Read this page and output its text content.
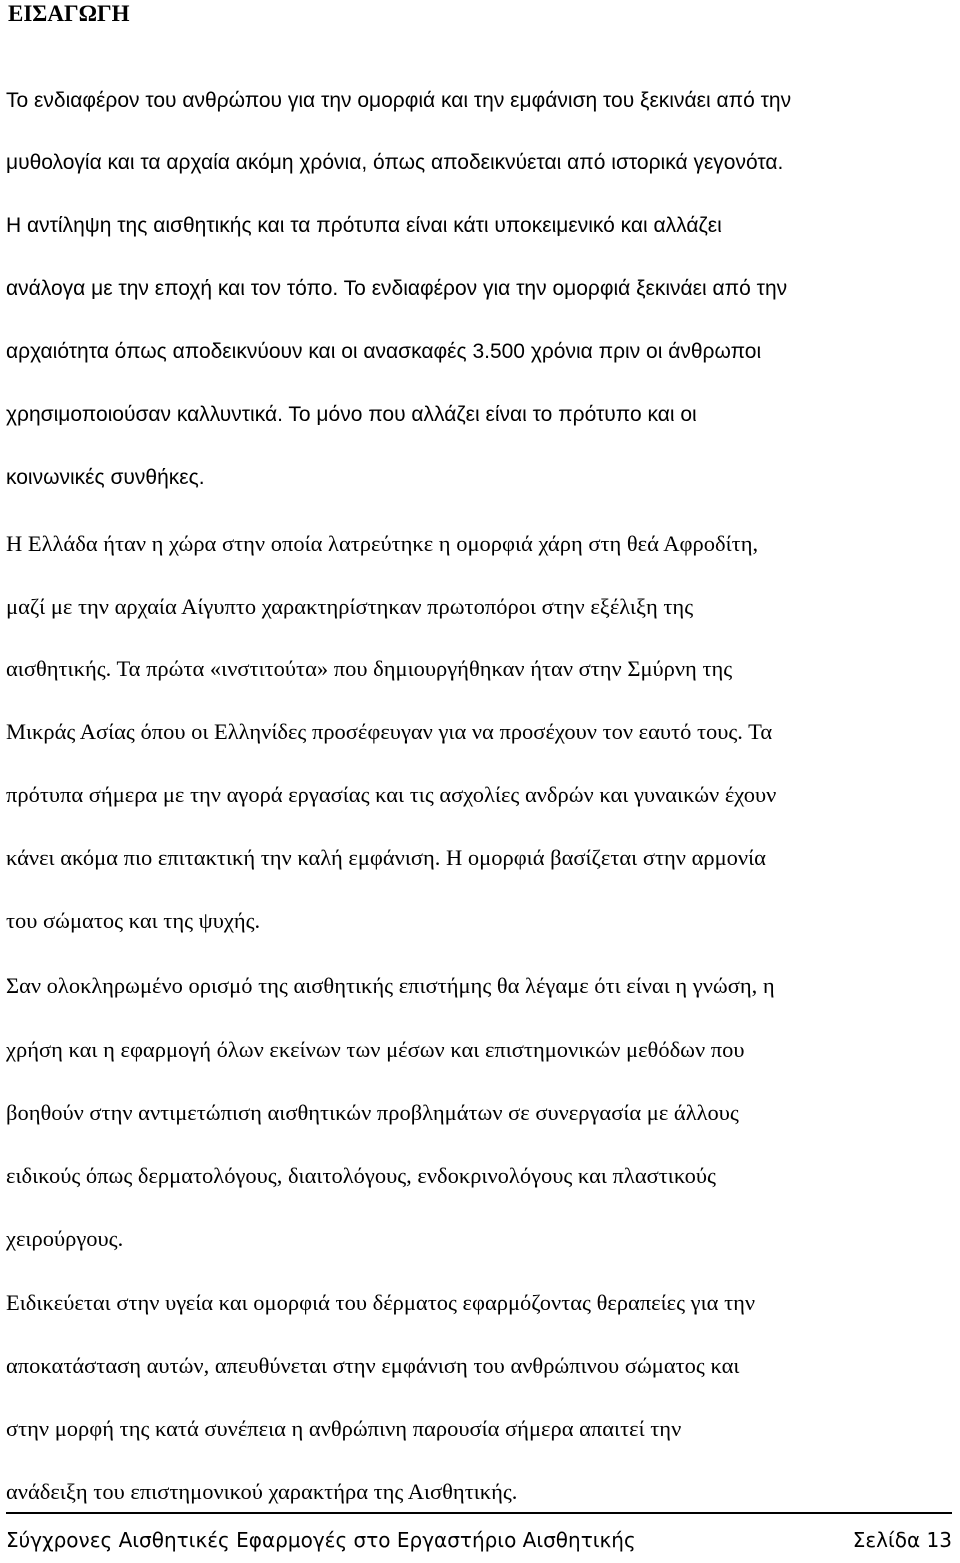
ΕΙΣΑΓΩΓΗ

Το ενδιαφέρον του ανθρώπου για την ομορφιά και την εμφάνιση του ξεκινάει από την

μυθολογία και τα αρχαία ακόμη χρόνια, όπως αποδεικνύεται από ιστορικά γεγονότα.

Η αντίληψη της αισθητικής και τα πρότυπα είναι κάτι υποκειμενικό και αλλάζει

ανάλογα με την εποχή και τον τόπο. Το ενδιαφέρον για την ομορφιά ξεκινάει από την

αρχαιότητα όπως αποδεικνύουν και οι ανασκαφές 3.500 χρόνια πριν οι άνθρωποι

χρησιμοποιούσαν καλλυντικά. Το μόνο που αλλάζει είναι το πρότυπο και οι

κοινωνικές συνθήκες.

Η Ελλάδα ήταν η χώρα στην οποία λατρεύτηκε η ομορφιά χάρη στη θεά Αφροδίτη,

μαζί με την αρχαία Αίγυπτο χαρακτηρίστηκαν πρωτοπόροι στην εξέλιξη της

αισθητικής. Τα πρώτα «ινστιτούτα» που δημιουργήθηκαν ήταν στην Σμύρνη της

Μικράς Ασίας όπου οι Ελληνίδες προσέφευγαν για να προσέχουν τον εαυτό τους. Τα

πρότυπα σήμερα με την αγορά εργασίας και τις ασχολίες ανδρών και γυναικών έχουν

κάνει ακόμα πιο επιτακτική την καλή εμφάνιση. Η ομορφιά βασίζεται στην αρμονία

του σώματος και της ψυχής.

Σαν ολοκληρωμένο ορισμό της αισθητικής επιστήμης θα λέγαμε ότι είναι η γνώση, η

χρήση και η εφαρμογή όλων εκείνων των μέσων και επιστημονικών μεθόδων που

βοηθούν στην αντιμετώπιση αισθητικών προβλημάτων σε συνεργασία με άλλους

ειδικούς όπως δερματολόγους, διαιτολόγους, ενδοκρινολόγους και πλαστικούς

χειρούργους.

Ειδικεύεται στην υγεία και ομορφιά του δέρματος εφαρμόζοντας θεραπείες για την

αποκατάσταση αυτών, απευθύνεται στην εμφάνιση του ανθρώπινου σώματος και

στην μορφή της κατά συνέπεια η ανθρώπινη παρουσία σήμερα απαιτεί την

ανάδειξη του επιστημονικού χαρακτήρα της Αισθητικής.

Σύγχρονες Αισθητικές Εφαρμογές στο Εργαστήριο Αισθητικής	Σελίδα 13
